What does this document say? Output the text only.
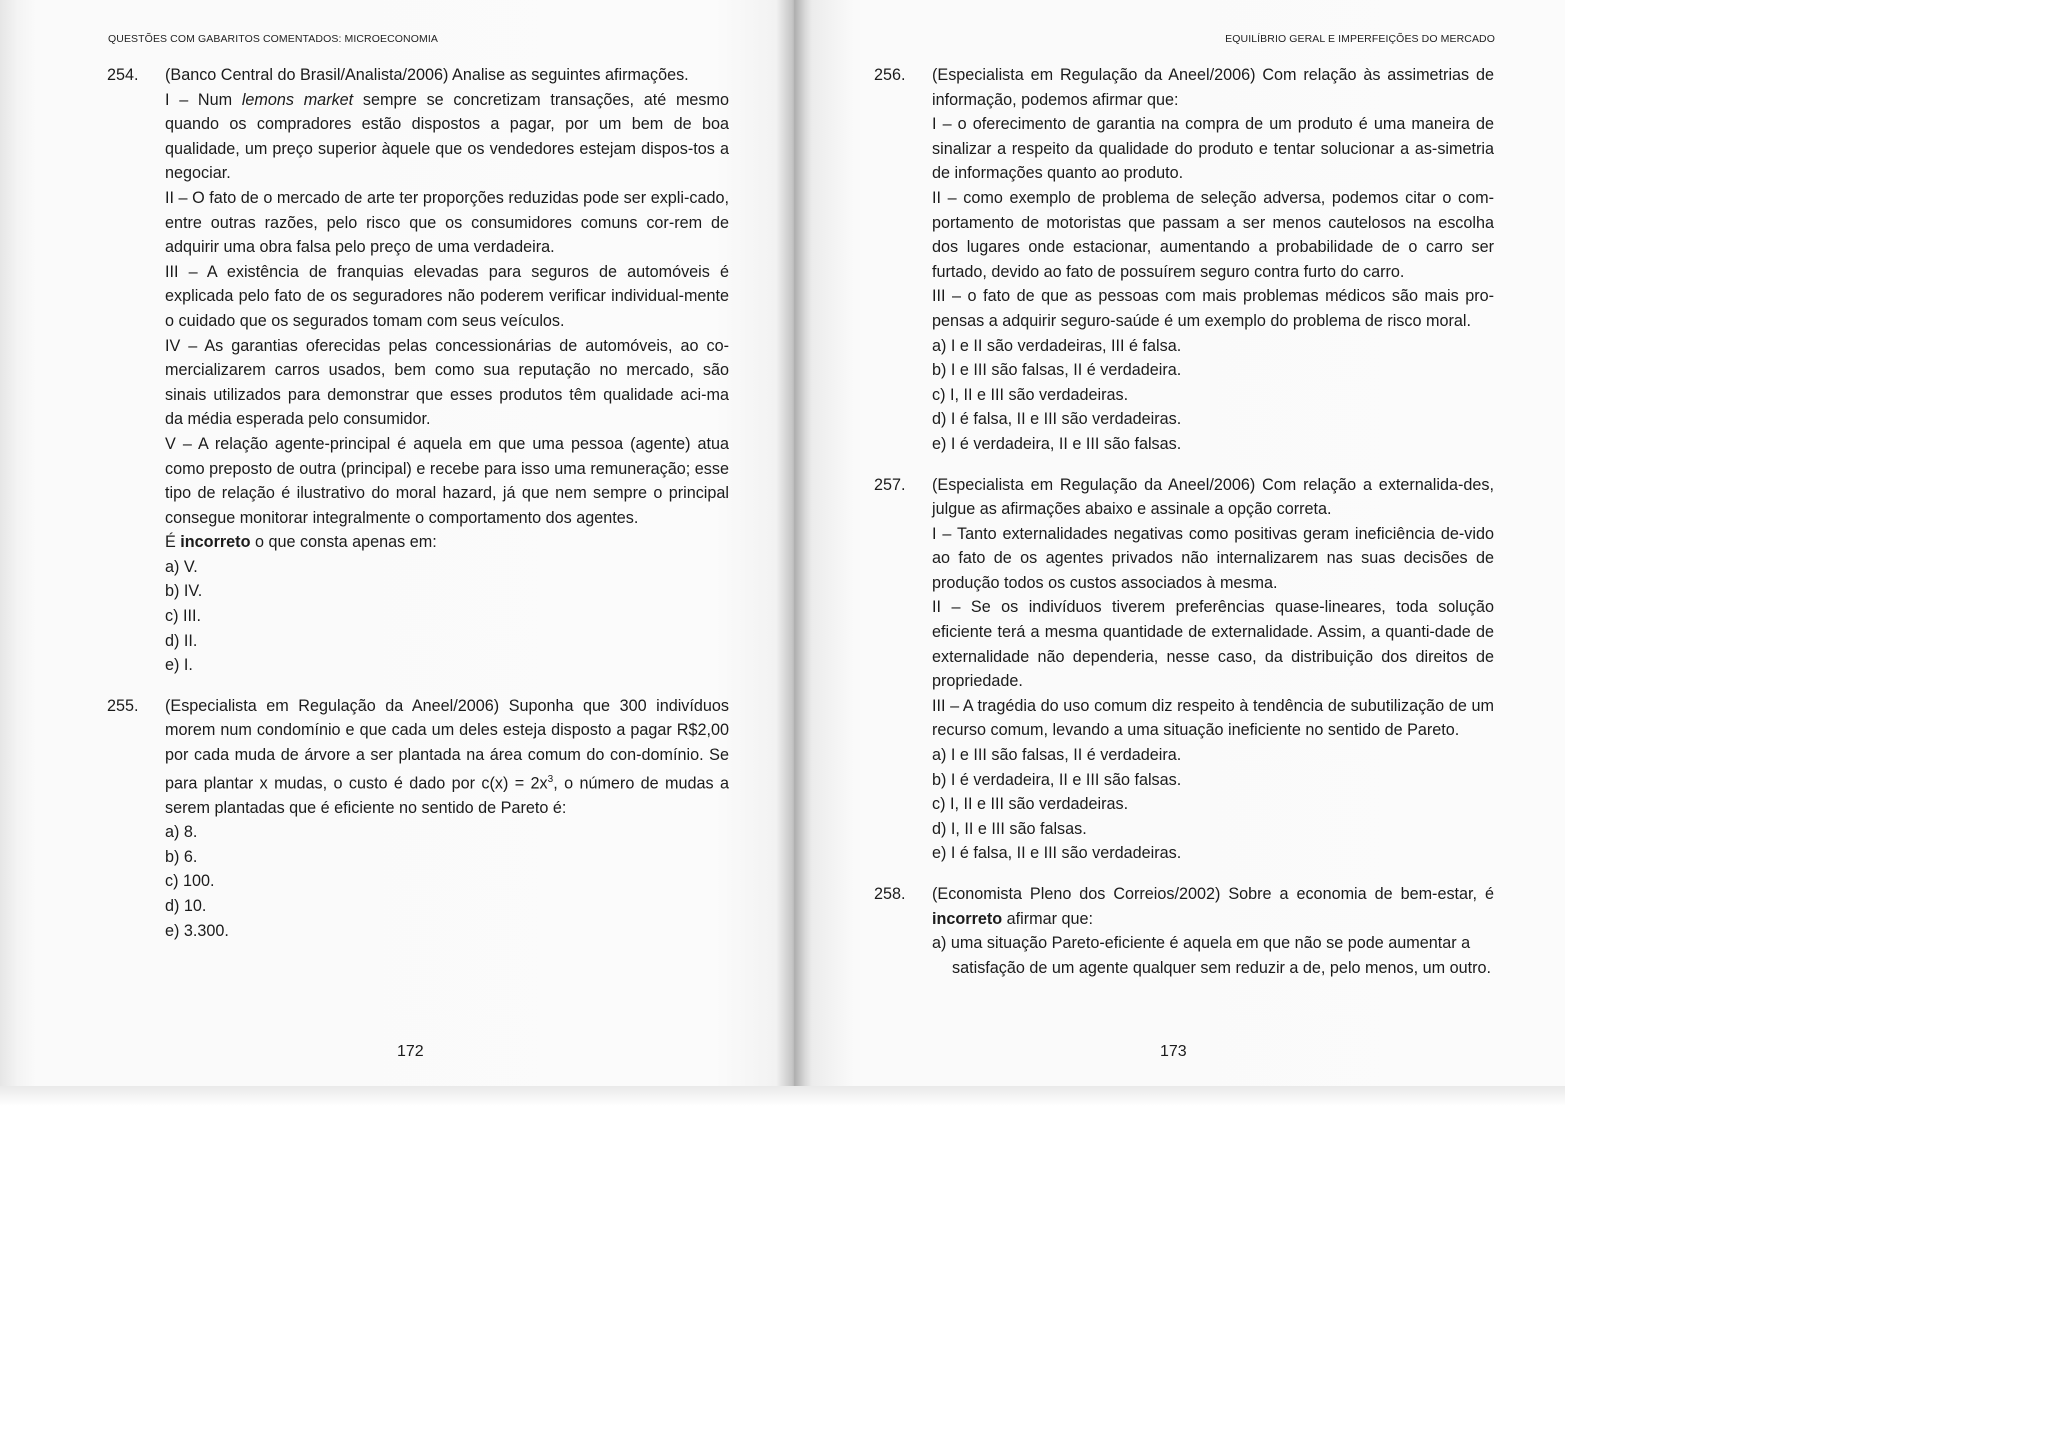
QUESTÕES COM GABARITOS COMENTADOS: MICROECONOMIA
254. (Banco Central do Brasil/Analista/2006) Analise as seguintes afirmações.

I – Num lemons market sempre se concretizam transações, até mesmo quando os compradores estão dispostos a pagar, por um bem de boa qualidade, um preço superior àquele que os vendedores estejam dispos-tos a negociar.

II – O fato de o mercado de arte ter proporções reduzidas pode ser expli-cado, entre outras razões, pelo risco que os consumidores comuns cor-rem de adquirir uma obra falsa pelo preço de uma verdadeira.

III – A existência de franquias elevadas para seguros de automóveis é explicada pelo fato de os seguradores não poderem verificar individual-mente o cuidado que os segurados tomam com seus veículos.

IV – As garantias oferecidas pelas concessionárias de automóveis, ao co-mercializarem carros usados, bem como sua reputação no mercado, são sinais utilizados para demonstrar que esses produtos têm qualidade aci-ma da média esperada pelo consumidor.

V – A relação agente-principal é aquela em que uma pessoa (agente) atua como preposto de outra (principal) e recebe para isso uma remuneração; esse tipo de relação é ilustrativo do moral hazard, já que nem sempre o principal consegue monitorar integralmente o comportamento dos agentes.

É incorreto o que consta apenas em:

a) V.

b) IV.

c) III.

d) II.

e) I.

255. (Especialista em Regulação da Aneel/2006) Suponha que 300 indivíduos morem num condomínio e que cada um deles esteja disposto a pagar R$2,00 por cada muda de árvore a ser plantada na área comum do con-domínio. Se para plantar x mudas, o custo é dado por $c(x) = 2x^3$, o número de mudas a serem plantadas que é eficiente no sentido de Pareto é:

a) 8.

b) 6.

c) 100.

d) 10.

e) 3.300.

172
EQUILÍBRIO GERAL E IMPERFEIÇÕES DO MERCADO
256. (Especialista em Regulação da Aneel/2006) Com relação às assimetrias de informação, podemos afirmar que:

I – o oferecimento de garantia na compra de um produto é uma maneira de sinalizar a respeito da qualidade do produto e tentar solucionar a as-simetria de informações quanto ao produto.

II – como exemplo de problema de seleção adversa, podemos citar o com-portamento de motoristas que passam a ser menos cautelosos na escolha dos lugares onde estacionar, aumentando a probabilidade de o carro ser furtado, devido ao fato de possuírem seguro contra furto do carro.

III – o fato de que as pessoas com mais problemas médicos são mais pro-pensas a adquirir seguro-saúde é um exemplo do problema de risco moral.

a) I e II são verdadeiras, III é falsa.

b) I e III são falsas, II é verdadeira.

c) I, II e III são verdadeiras.

d) I é falsa, II e III são verdadeiras.

e) I é verdadeira, II e III são falsas.

257. (Especialista em Regulação da Aneel/2006) Com relação a externalida-des, julgue as afirmações abaixo e assinale a opção correta.

I – Tanto externalidades negativas como positivas geram ineficiência de-vido ao fato de os agentes privados não internalizarem nas suas decisões de produção todos os custos associados à mesma.

II – Se os indivíduos tiverem preferências quase-lineares, toda solução eficiente terá a mesma quantidade de externalidade. Assim, a quanti-dade de externalidade não dependeria, nesse caso, da distribuição dos direitos de propriedade.

III – A tragédia do uso comum diz respeito à tendência de subutilização de um recurso comum, levando a uma situação ineficiente no sentido de Pareto.

a) I e III são falsas, II é verdadeira.

b) I é verdadeira, II e III são falsas.

c) I, II e III são verdadeiras.

d) I, II e III são falsas.

e) I é falsa, II e III são verdadeiras.

258. (Economista Pleno dos Correios/2002) Sobre a economia de bem-estar, é incorreto afirmar que:

a) uma situação Pareto-eficiente é aquela em que não se pode aumentar a satisfação de um agente qualquer sem reduzir a de, pelo menos, um outro.

173
